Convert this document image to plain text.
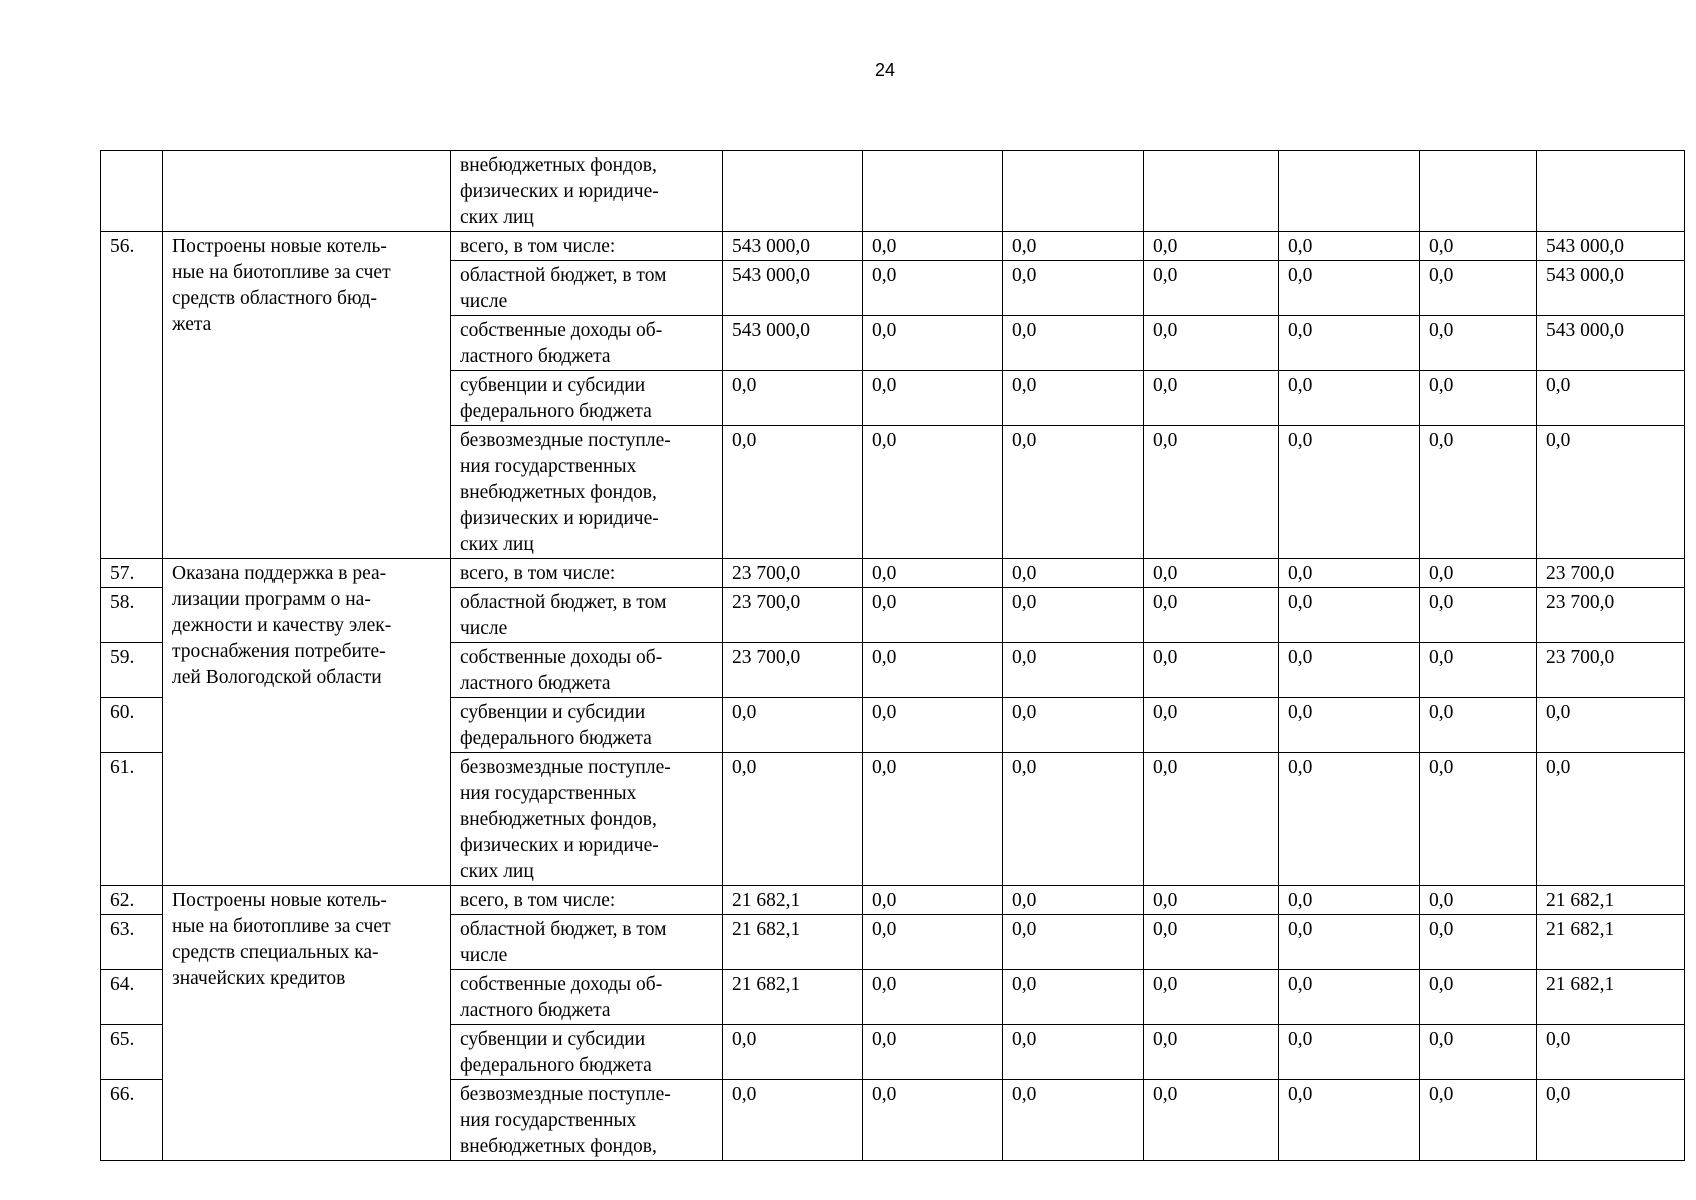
24

		внебюджетных фондов,
физических и юридиче-
ских лиц							

56.	Построены новые котель-
ные на биотопливе за счет
средств областного бюд-
жета	всего, в том числе:	543 000,0	0,0	0,0	0,0	0,0	0,0	543 000,0

		областной бюджет, в том
числе	543 000,0	0,0	0,0	0,0	0,0	0,0	543 000,0

		собственные доходы об-
ластного бюджета	543 000,0	0,0	0,0	0,0	0,0	0,0	543 000,0

		субвенции и субсидии
федерального бюджета	0,0	0,0	0,0	0,0	0,0	0,0	0,0

		безвозмездные поступле-
ния государственных
внебюджетных фондов,
физических и юридиче-
ских лиц	0,0	0,0	0,0	0,0	0,0	0,0	0,0
57.	Оказана поддержка в реа-
лизации программ о на-
дежности и качеству элек-
троснабжения потребите-
лей Вологодской области	всего, в том числе:	23 700,0	0,0	0,0	0,0	0,0	0,0	23 700,0
58.		областной бюджет, в том
числе	23 700,0	0,0	0,0	0,0	0,0	0,0	23 700,0
59.		собственные доходы об-
ластного бюджета	23 700,0	0,0	0,0	0,0	0,0	0,0	23 700,0
60.		субвенции и субсидии
федерального бюджета	0,0	0,0	0,0	0,0	0,0	0,0	0,0
61.		безвозмездные поступле-
ния государственных
внебюджетных фондов,
физических и юридиче-
ских лиц	0,0	0,0	0,0	0,0	0,0	0,0	0,0
62.	Построены новые котель-
ные на биотопливе за счет
средств специальных ка-
значейских кредитов	всего, в том числе:	21 682,1	0,0	0,0	0,0	0,0	0,0	21 682,1
63.		областной бюджет, в том
числе	21 682,1	0,0	0,0	0,0	0,0	0,0	21 682,1
64.		собственные доходы об-
ластного бюджета	21 682,1	0,0	0,0	0,0	0,0	0,0	21 682,1
65.		субвенции и субсидии
федерального бюджета	0,0	0,0	0,0	0,0	0,0	0,0	0,0
66.		безвозмездные поступле-
ния государственных
внебюджетных фондов,	0,0	0,0	0,0	0,0	0,0	0,0	0,0
